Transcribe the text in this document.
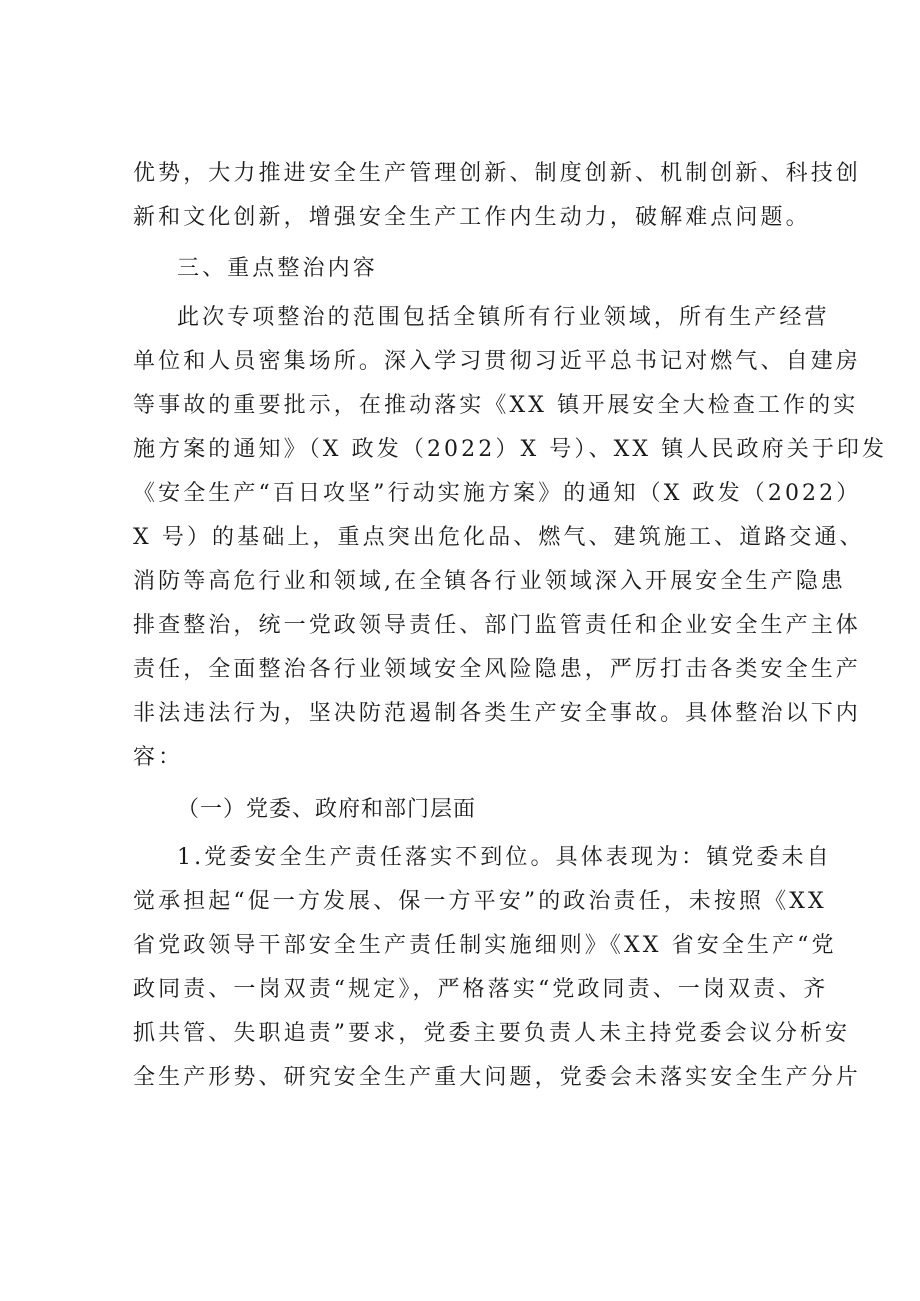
优势，大力推进安全生产管理创新、制度创新、机制创新、科技创
新和文化创新，增强安全生产工作内生动力，破解难点问题。
三、重点整治内容
此次专项整治的范围包括全镇所有行业领域，所有生产经营
单位和人员密集场所。深入学习贯彻习近平总书记对燃气、自建房
等事故的重要批示，在推动落实《XX 镇开展安全大检查工作的实
施方案的通知》（X 政发（2022）X 号）、XX 镇人民政府关于印发
《安全生产“百日攻坚”行动实施方案》的通知（X 政发（2022）
X 号）的基础上，重点突出危化品、燃气、建筑施工、道路交通、
消防等高危行业和领域,在全镇各行业领域深入开展安全生产隐患
排查整治，统一党政领导责任、部门监管责任和企业安全生产主体
责任，全面整治各行业领域安全风险隐患，严厉打击各类安全生产
非法违法行为，坚决防范遏制各类生产安全事故。具体整治以下内
容：
（一）党委、政府和部门层面
1.党委安全生产责任落实不到位。具体表现为：镇党委未自
觉承担起“促一方发展、保一方平安”的政治责任，未按照《XX
省党政领导干部安全生产责任制实施细则》《XX 省安全生产“党
政同责、一岗双责“规定》，严格落实“党政同责、一岗双责、齐
抓共管、失职追责”要求，党委主要负责人未主持党委会议分析安
全生产形势、研究安全生产重大问题，党委会未落实安全生产分片
